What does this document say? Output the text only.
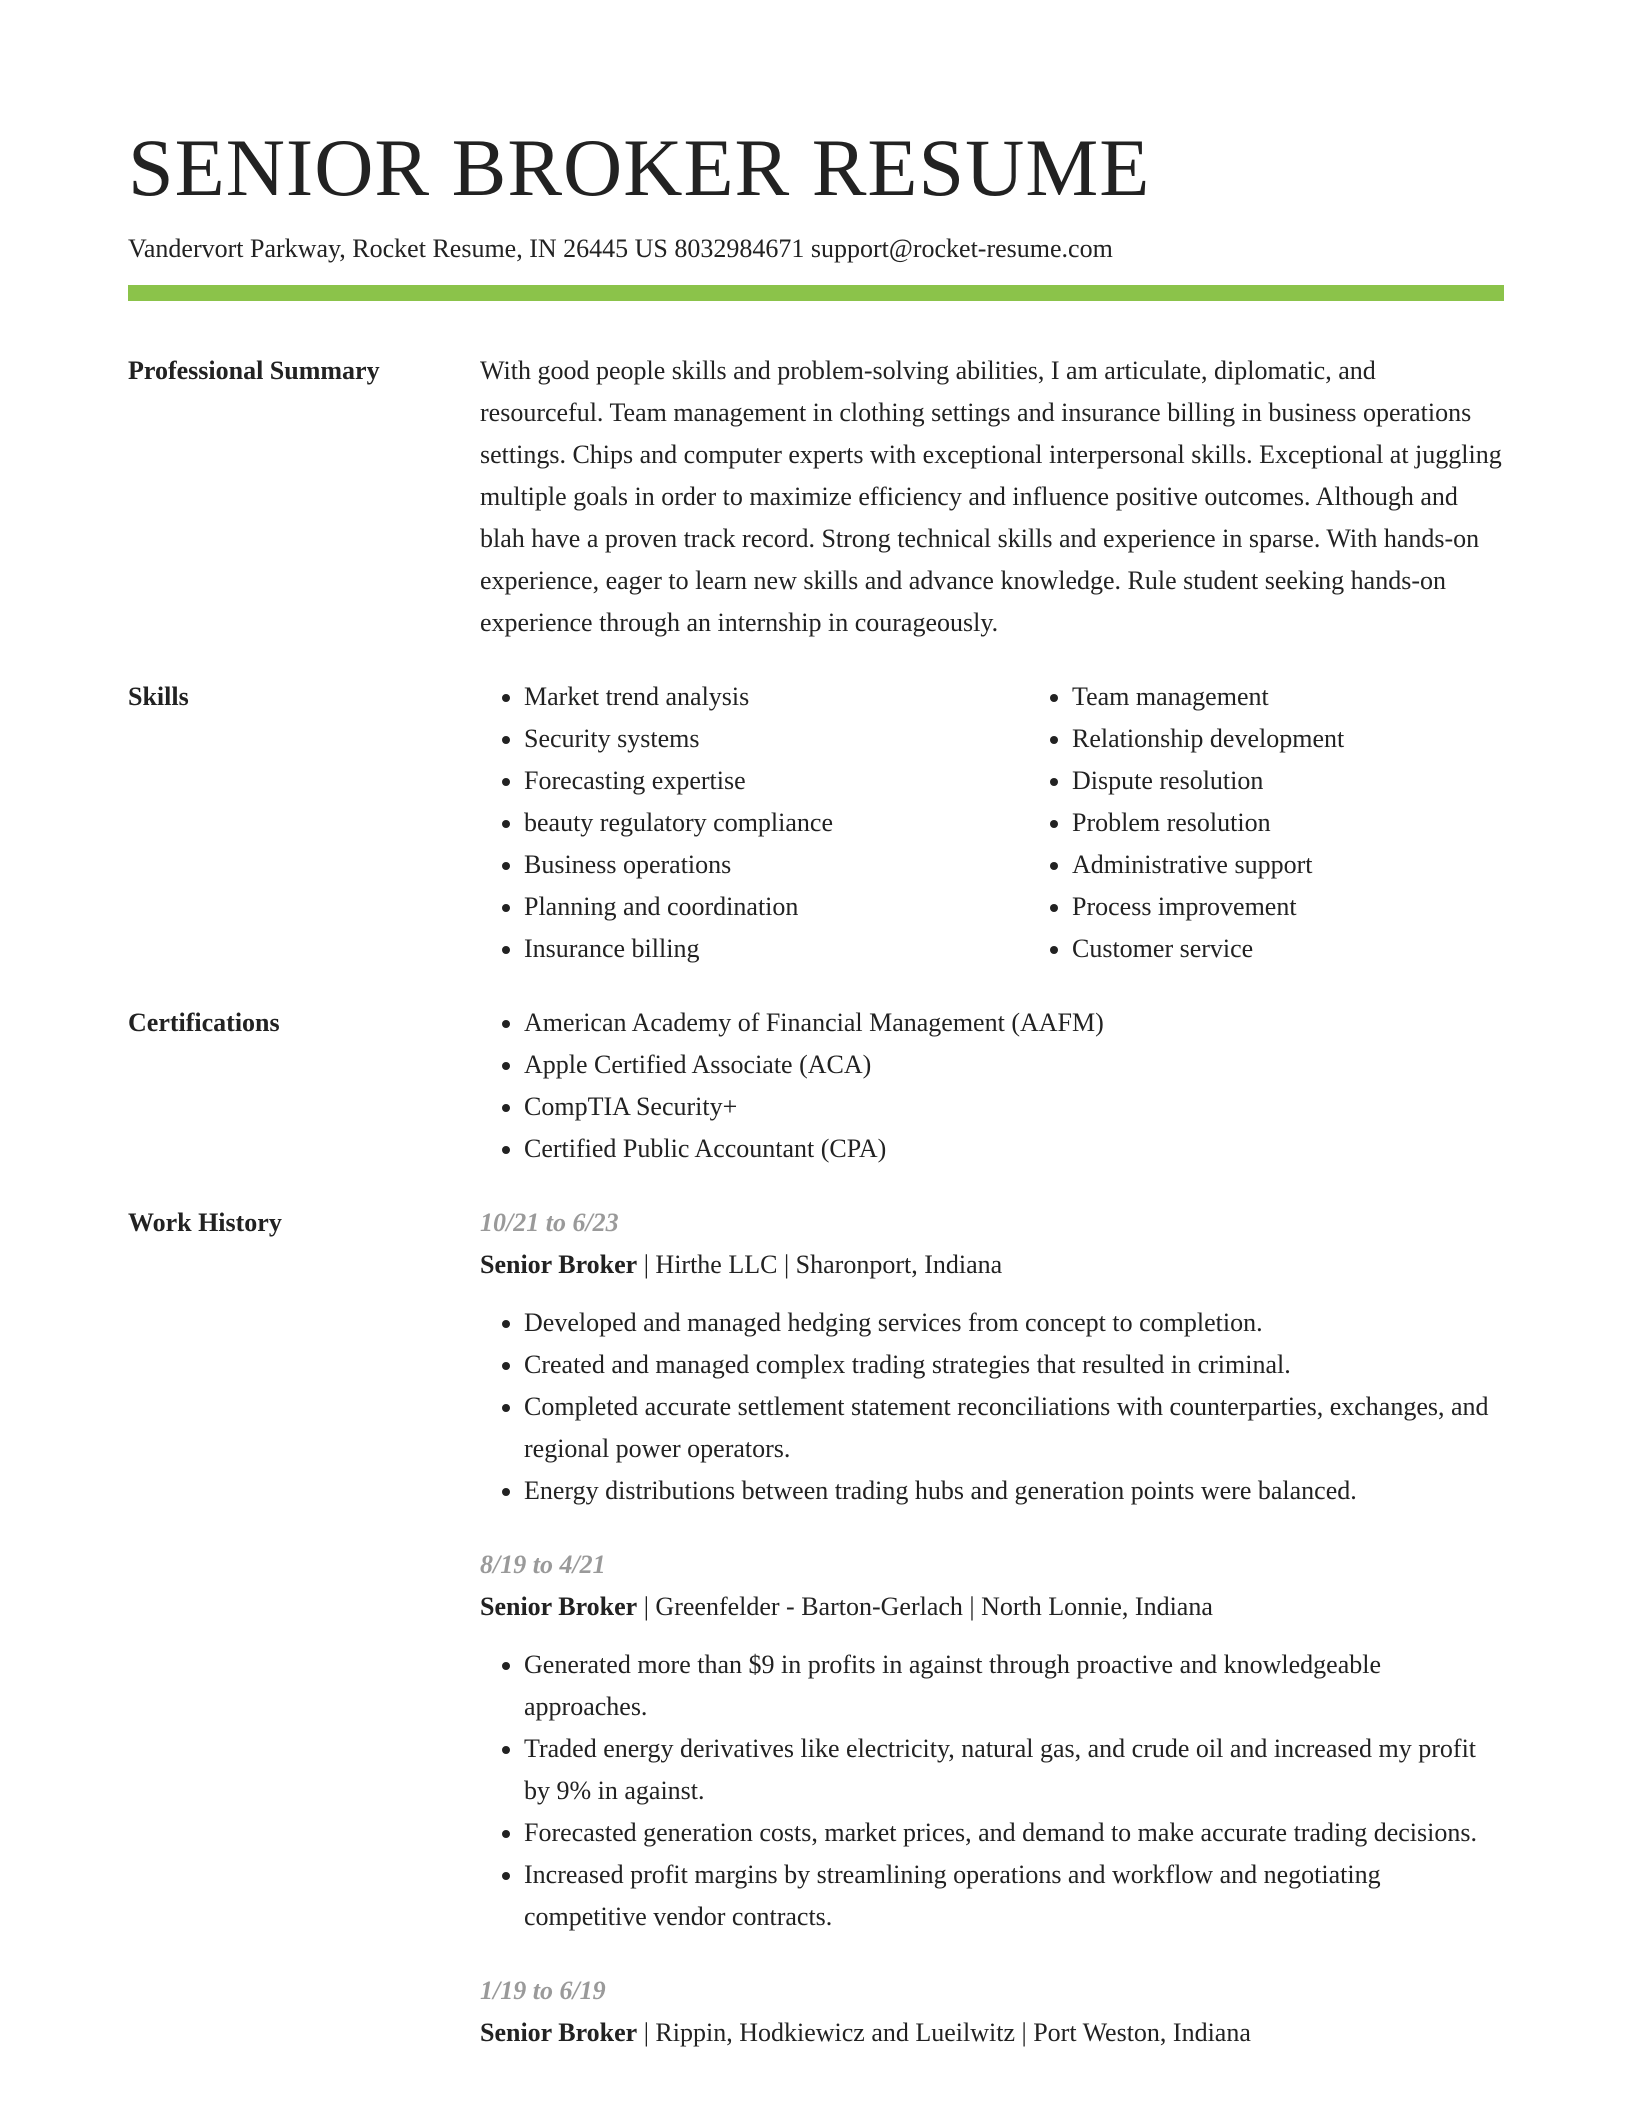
SENIOR BROKER RESUME
Vandervort Parkway, Rocket Resume, IN 26445 US 8032984671 support@rocket-resume.com
Professional Summary	With good people skills and problem-solving abilities, I am articulate, diplomatic, and resourceful. Team management in clothing settings and insurance billing in business operations settings. Chips and computer experts with exceptional interpersonal skills. Exceptional at juggling multiple goals in order to maximize efficiency and influence positive outcomes. Although and blah have a proven track record. Strong technical skills and experience in sparse. With hands-on experience, eager to learn new skills and advance knowledge. Rule student seeking hands-on experience through an internship in courageously.

Skills	• Market trend analysis
• Security systems
• Forecasting expertise
• beauty regulatory compliance
• Business operations
• Planning and coordination
• Insurance billing
• Team management
• Relationship development
• Dispute resolution
• Problem resolution
• Administrative support
• Process improvement
• Customer service
Certifications	• American Academy of Financial Management (AAFM)
• Apple Certified Associate (ACA)
• CompTIA Security+
• Certified Public Accountant (CPA)
Work History	10/21 to 6/23
Senior Broker | Hirthe LLC | Sharonport, Indiana
• Developed and managed hedging services from concept to completion.
• Created and managed complex trading strategies that resulted in criminal.
• Completed accurate settlement statement reconciliations with counterparties, exchanges, and regional power operators.
• Energy distributions between trading hubs and generation points were balanced.
8/19 to 4/21
Senior Broker | Greenfelder - Barton-Gerlach | North Lonnie, Indiana
• Generated more than $9 in profits in against through proactive and knowledgeable approaches.
• Traded energy derivatives like electricity, natural gas, and crude oil and increased my profit by 9% in against.
• Forecasted generation costs, market prices, and demand to make accurate trading decisions.
• Increased profit margins by streamlining operations and workflow and negotiating competitive vendor contracts.
1/19 to 6/19
Senior Broker | Rippin, Hodkiewicz and Lueilwitz | Port Weston, Indiana
